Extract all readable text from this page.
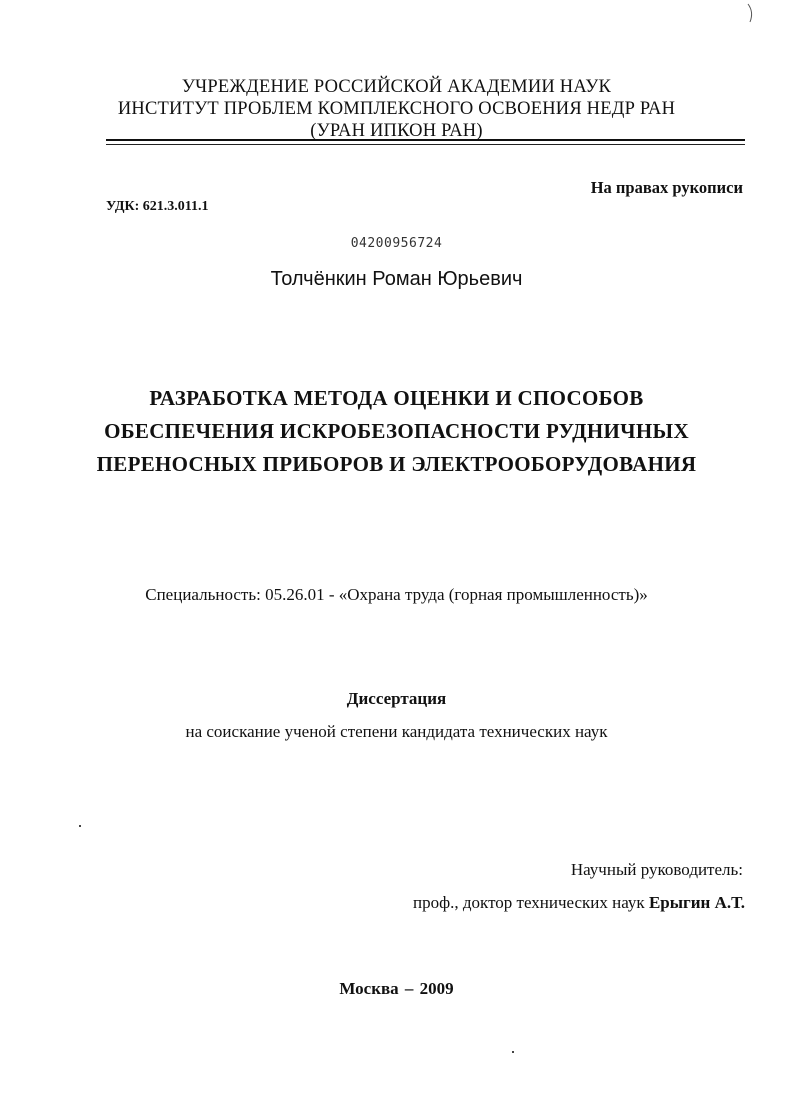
УЧРЕЖДЕНИЕ РОССИЙСКОЙ АКАДЕМИИ НАУК
ИНСТИТУТ ПРОБЛЕМ КОМПЛЕКСНОГО ОСВОЕНИЯ НЕДР РАН
(УРАН ИПКОН РАН)
На правах рукописи
УДК: 621.3.011.1
04200956724
Толчёнкин Роман Юрьевич
РАЗРАБОТКА МЕТОДА ОЦЕНКИ И СПОСОБОВ
ОБЕСПЕЧЕНИЯ ИСКРОБЕЗОПАСНОСТИ РУДНИЧНЫХ
ПЕРЕНОСНЫХ ПРИБОРОВ И ЭЛЕКТРООБОРУДОВАНИЯ
Специальность: 05.26.01 - «Охрана труда (горная промышленность)»
Диссертация
на соискание ученой степени кандидата технических наук
Научный руководитель:
проф., доктор технических наук Ерыгин А.Т.
Москва – 2009
